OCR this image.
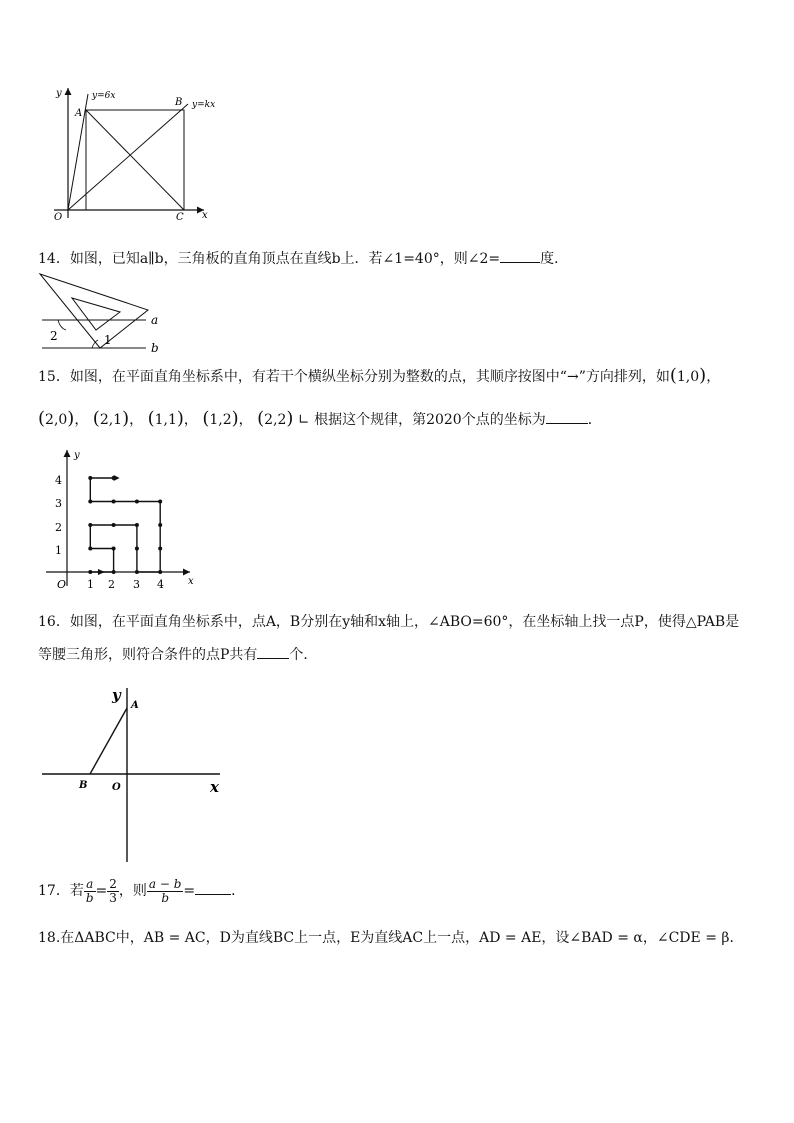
y	y=6x
B y=kx
A
O	C x
14．如图，已知a∥b，三角板的直角顶点在直线b上．若∠1=40°，则∠2=	度．
2	1
a
b
15．如图，在平面直角坐标系中，有若干个横纵坐标分别为整数的点，其顺序按图中“→”方向排列，如(1,0)，
(2,0)， (2,1)， (1,1)， (1,2)， (2,2) ∟ 根据这个规律，第2020个点的坐标为	．
y
O	x
1 2 3 4
1
2
3
4
16．如图，在平面直角坐标系中，点A，B分别在y轴和x轴上，∠ABO=60°，在坐标轴上找一点P，使得△PAB是
等腰三角形，则符合条件的点P共有 个．
y
A
B O	x
17．若 $\frac{a}{b} = \frac{2}{3}$ ，则 $\frac{a - b}{b}$ =	．
18.在ΔABC中，AB = AC，D为直线BC上一点，E为直线AC上一点，AD = AE，设∠BAD = α，∠CDE = β．
